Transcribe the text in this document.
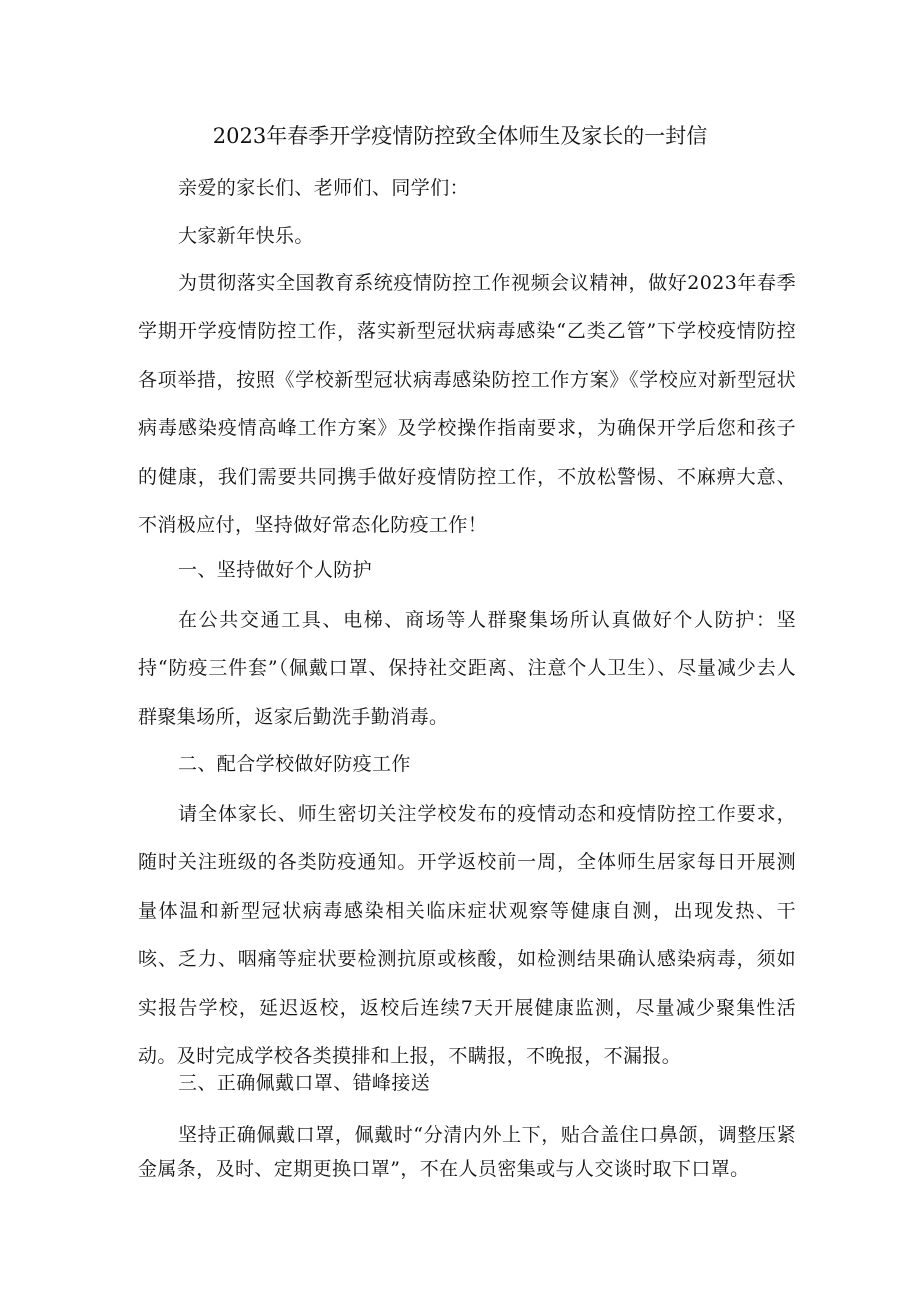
2023年春季开学疫情防控致全体师生及家长的一封信
亲爱的家长们、老师们、同学们：
大家新年快乐。

为贯彻落实全国教育系统疫情防控工作视频会议精神，做好2023年春季学期开学疫情防控工作，落实新型冠状病毒感染“乙类乙管”下学校疫情防控各项举措，按照《学校新型冠状病毒感染防控工作方案》《学校应对新型冠状病毒感染疫情高峰工作方案》及学校操作指南要求，为确保开学后您和孩子的健康，我们需要共同携手做好疫情防控工作，不放松警惕、不麻痹大意、不消极应付，坚持做好常态化防疫工作！

一、坚持做好个人防护

在公共交通工具、电梯、商场等人群聚集场所认真做好个人防护：坚持“防疫三件套”（佩戴口罩、保持社交距离、注意个人卫生）、尽量减少去人群聚集场所，返家后勤洗手勤消毒。

二、配合学校做好防疫工作

请全体家长、师生密切关注学校发布的疫情动态和疫情防控工作要求，随时关注班级的各类防疫通知。开学返校前一周，全体师生居家每日开展测量体温和新型冠状病毒感染相关临床症状观察等健康自测，出现发热、干咳、乏力、咽痛等症状要检测抗原或核酸，如检测结果确认感染病毒，须如实报告学校，延迟返校，返校后连续7天开展健康监测，尽量减少聚集性活动。及时完成学校各类摸排和上报，不瞒报，不晚报，不漏报。

三、正确佩戴口罩、错峰接送

坚持正确佩戴口罩，佩戴时“分清内外上下，贴合盖住口鼻颌，调整压紧金属条，及时、定期更换口罩”，不在人员密集或与人交谈时取下口罩。
